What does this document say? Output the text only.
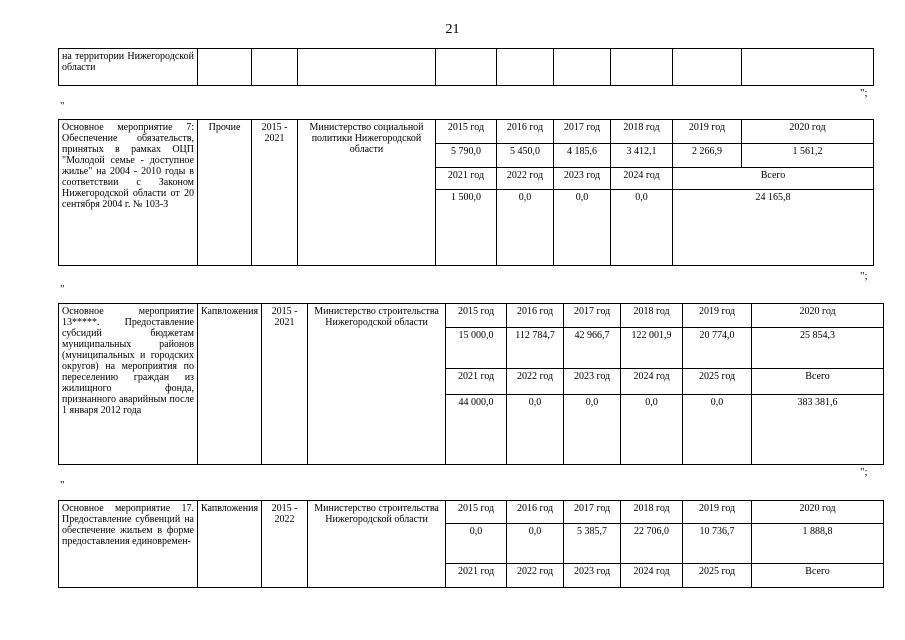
21
на территории Нижегородской области									
";
"
Основное мероприятие 7: Обеспечение обязательств, принятых в рамках ОЦП "Молодой семье - доступное жилье" на 2004 - 2010 годы в соответствии с Законом Нижегородской области от 20 сентября 2004 г. № 103-З	Прочие	2015 - 2021	Министерство социальной политики Нижегородской области	2015 год	2016 год	2017 год	2018 год	2019 год	2020 год
				5 790,0	5 450,0	4 185,6	3 412,1	2 266,9	1 561,2
				2021 год	2022 год	2023 год	2024 год	Всего	
				1 500,0	0,0	0,0	0,0	24 165,8	
";
"
Основное мероприятие 13*****. Предоставление субсидий бюджетам муниципальных районов (муниципальных и городских округов) на мероприятия по переселению граждан из жилищного фонда, признанного аварийным после 1 января 2012 года	Капвложения	2015 - 2021	Министерство строительства Нижегородской области	2015 год	2016 год	2017 год	2018 год	2019 год	2020 год
				15 000,0	112 784,7	42 966,7	122 001,9	20 774,0	25 854,3
				2021 год	2022 год	2023 год	2024 год	2025 год	Всего
				44 000,0	0,0	0,0	0,0	0,0	383 381,6
";
"
Основное мероприятие 17. Предоставление субвенций на обеспечение жильем в форме предоставления единовремен-	Капвложения	2015 - 2022	Министерство строительства Нижегородской области	2015 год	2016 год	2017 год	2018 год	2019 год	2020 год
				0,0	0,0	5 385,7	22 706,0	10 736,7	1 888,8
				2021 год	2022 год	2023 год	2024 год	2025 год	Всего
